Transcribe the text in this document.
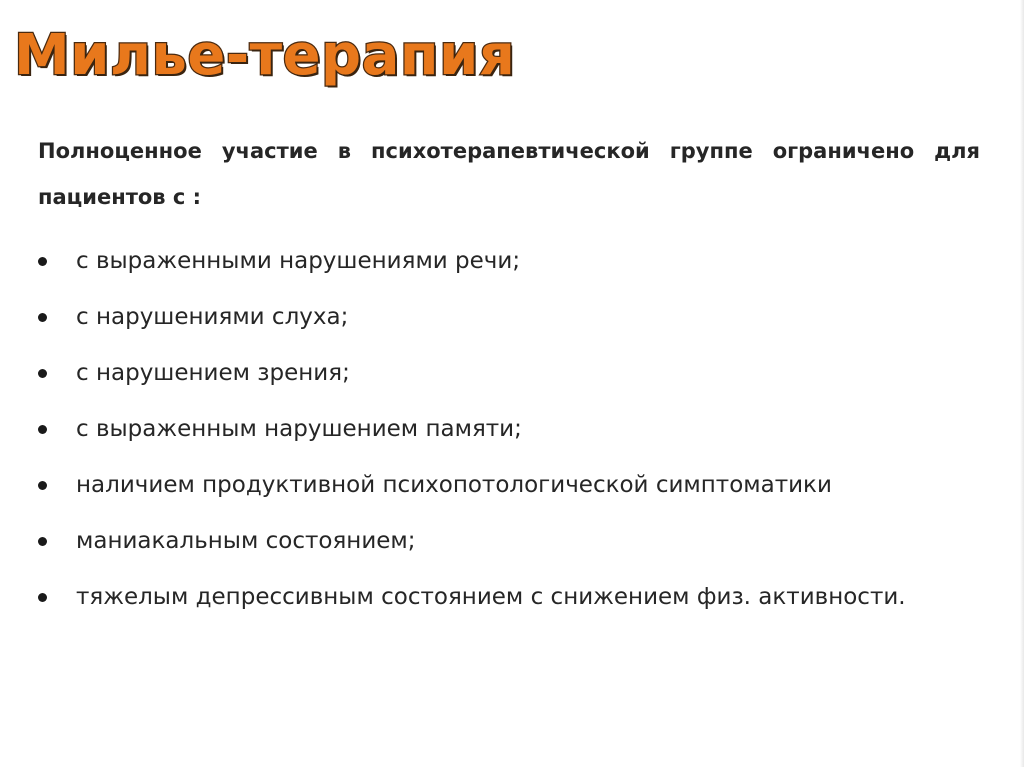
Милье-терапия

Полноценное участие в психотерапевтической группе ограничено для пациентов с :

с выраженными нарушениями речи;
с нарушениями слуха;
с нарушением зрения;
с выраженным нарушением памяти;
наличием продуктивной психопотологической симптоматики
маниакальным состоянием;
тяжелым депрессивным состоянием с снижением физ. активности.
